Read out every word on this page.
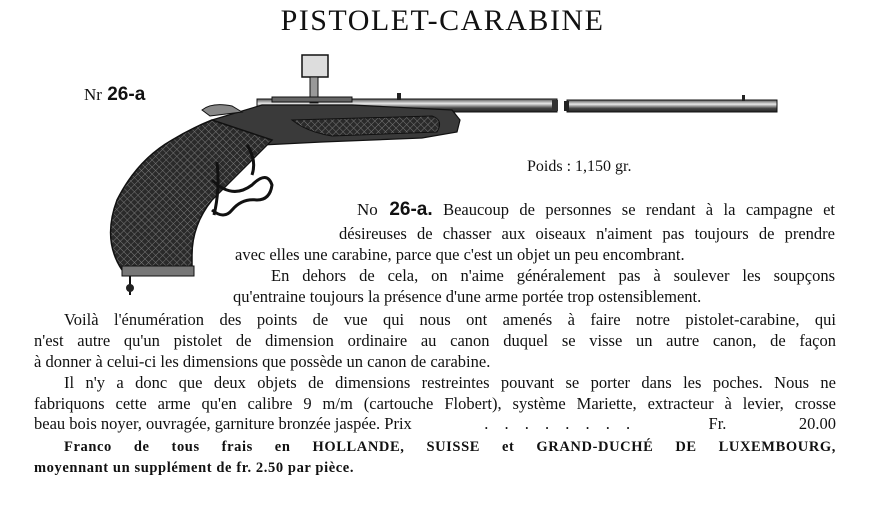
PISTOLET-CARABINE
Nr 26-a
Poids : 1,150 gr.
No 26-a. Beaucoup de personnes se rendant à la campagne et
désireuses de chasser aux oiseaux n'aiment pas toujours de prendre
avec elles une carabine, parce que c'est un objet un peu encombrant.
En dehors de cela, on n'aime généralement pas à soulever les soupçons
qu'entraine toujours la présence d'une arme portée trop ostensiblement.
Voilà l'énumération des points de vue qui nous ont amenés à faire notre pistolet-carabine, qui
n'est autre qu'un pistolet de dimension ordinaire au canon duquel se visse un autre canon, de façon
à donner à celui-ci les dimensions que possède un canon de carabine.
Il n'y a donc que deux objets de dimensions restreintes pouvant se porter dans les poches. Nous ne
fabriquons cette arme qu'en calibre 9 m/m (cartouche Flobert), système Mariette, extracteur à levier, crosse
beau bois noyer, ouvragée, garniture bronzée jaspée. Prix	. . . . . . . .	Fr.	20.00
Franco de tous frais en HOLLANDE, SUISSE et GRAND-DUCHÉ DE LUXEMBOURG,
moyennant un supplément de fr. 2.50 par pièce.
